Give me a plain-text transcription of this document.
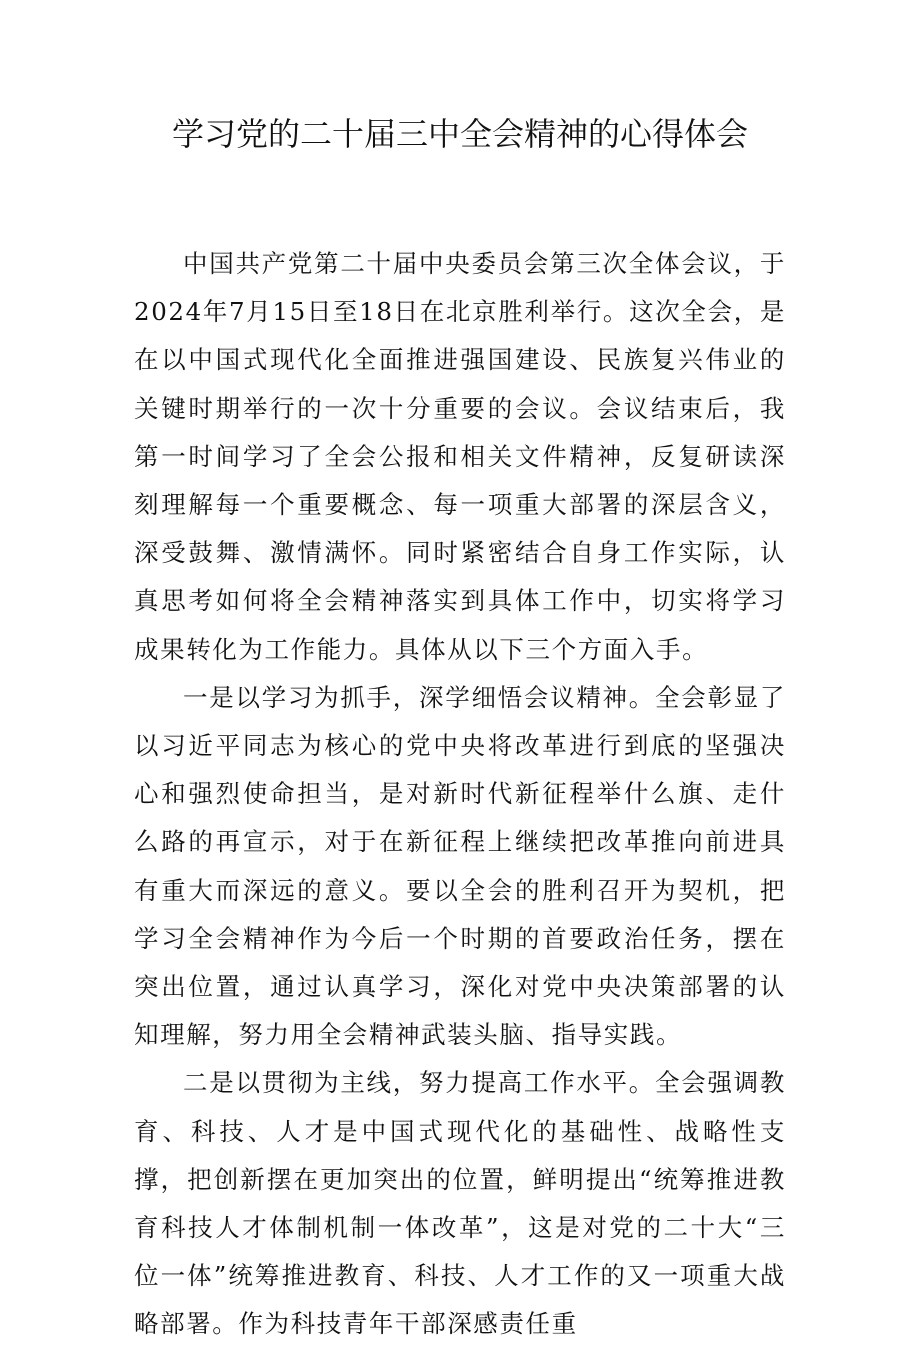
学习党的二十届三中全会精神的心得体会

中国共产党第二十届中央委员会第三次全体会议，于2024年7月15日至18日在北京胜利举行。这次全会，是在以中国式现代化全面推进强国建设、民族复兴伟业的关键时期举行的一次十分重要的会议。会议结束后，我第一时间学习了全会公报和相关文件精神，反复研读深刻理解每一个重要概念、每一项重大部署的深层含义，深受鼓舞、激情满怀。同时紧密结合自身工作实际，认真思考如何将全会精神落实到具体工作中，切实将学习成果转化为工作能力。具体从以下三个方面入手。

一是以学习为抓手，深学细悟会议精神。全会彰显了以习近平同志为核心的党中央将改革进行到底的坚强决心和强烈使命担当，是对新时代新征程举什么旗、走什么路的再宣示，对于在新征程上继续把改革推向前进具有重大而深远的意义。要以全会的胜利召开为契机，把学习全会精神作为今后一个时期的首要政治任务，摆在突出位置，通过认真学习，深化对党中央决策部署的认知理解，努力用全会精神武装头脑、指导实践。

二是以贯彻为主线，努力提高工作水平。全会强调教育、科技、人才是中国式现代化的基础性、战略性支撑，把创新摆在更加突出的位置，鲜明提出“统筹推进教育科技人才体制机制一体改革”，这是对党的二十大“三位一体”统筹推进教育、科技、人才工作的又一项重大战略部署。作为科技青年干部深感责任重
